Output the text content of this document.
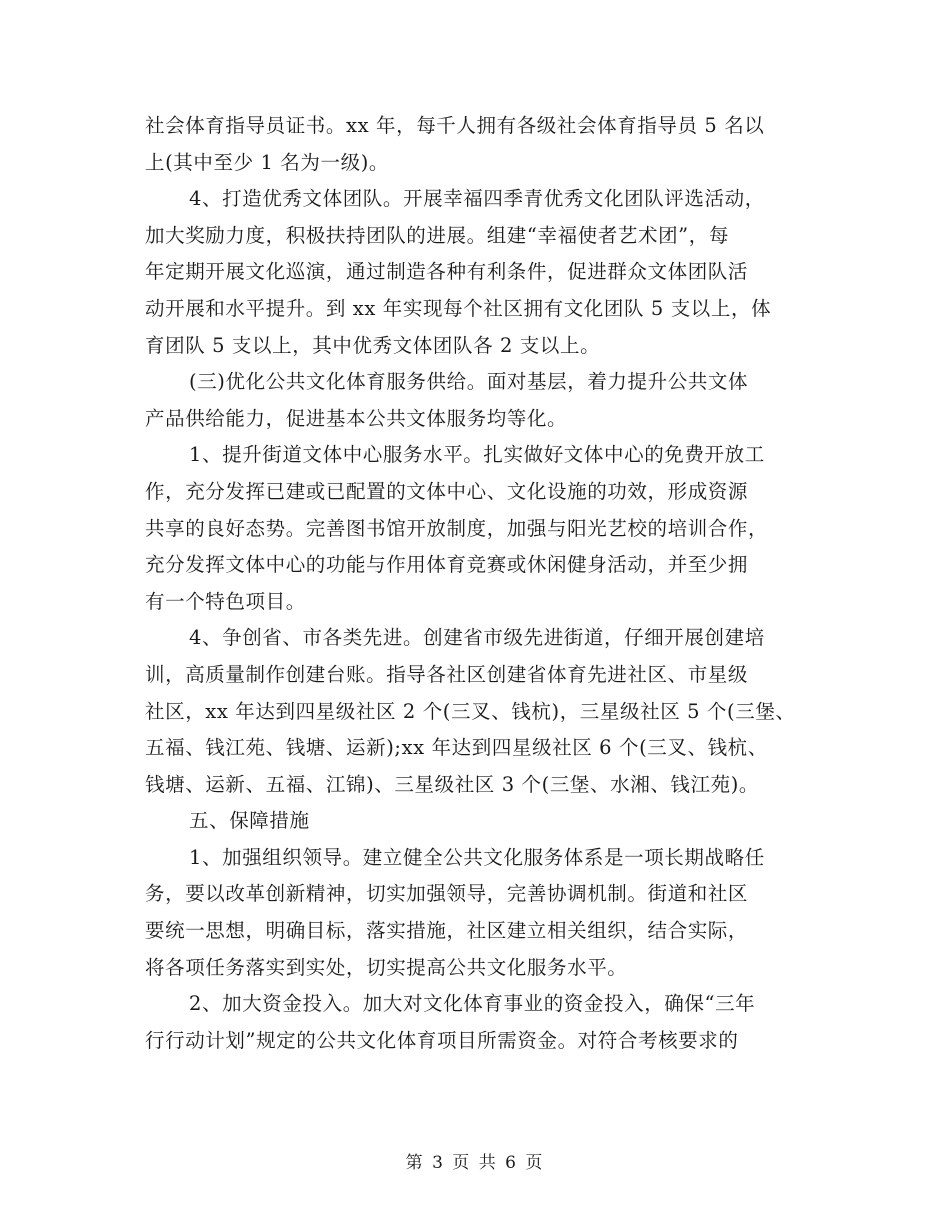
社会体育指导员证书。xx 年，每千人拥有各级社会体育指导员 5 名以
上(其中至少 1 名为一级)。
4、打造优秀文体团队。开展幸福四季青优秀文化团队评选活动，
加大奖励力度，积极扶持团队的进展。组建“幸福使者艺术团”，每
年定期开展文化巡演，通过制造各种有利条件，促进群众文体团队活
动开展和水平提升。到 xx 年实现每个社区拥有文化团队 5 支以上，体
育团队 5 支以上，其中优秀文体团队各 2 支以上。
(三)优化公共文化体育服务供给。面对基层，着力提升公共文体
产品供给能力，促进基本公共文体服务均等化。
1、提升街道文体中心服务水平。扎实做好文体中心的免费开放工
作，充分发挥已建或已配置的文体中心、文化设施的功效，形成资源
共享的良好态势。完善图书馆开放制度，加强与阳光艺校的培训合作，
充分发挥文体中心的功能与作用体育竞赛或休闲健身活动，并至少拥
有一个特色项目。
4、争创省、市各类先进。创建省市级先进街道，仔细开展创建培
训，高质量制作创建台账。指导各社区创建省体育先进社区、市星级
社区，xx 年达到四星级社区 2 个(三叉、钱杭)，三星级社区 5 个(三堡、
五福、钱江苑、钱塘、运新);xx 年达到四星级社区 6 个(三叉、钱杭、
钱塘、运新、五福、江锦)、三星级社区 3 个(三堡、水湘、钱江苑)。
五、保障措施
1、加强组织领导。建立健全公共文化服务体系是一项长期战略任
务，要以改革创新精神，切实加强领导，完善协调机制。街道和社区
要统一思想，明确目标，落实措施，社区建立相关组织，结合实际，
将各项任务落实到实处，切实提高公共文化服务水平。
2、加大资金投入。加大对文化体育事业的资金投入，确保“三年
行行动计划”规定的公共文化体育项目所需资金。对符合考核要求的
第 3 页 共 6 页
